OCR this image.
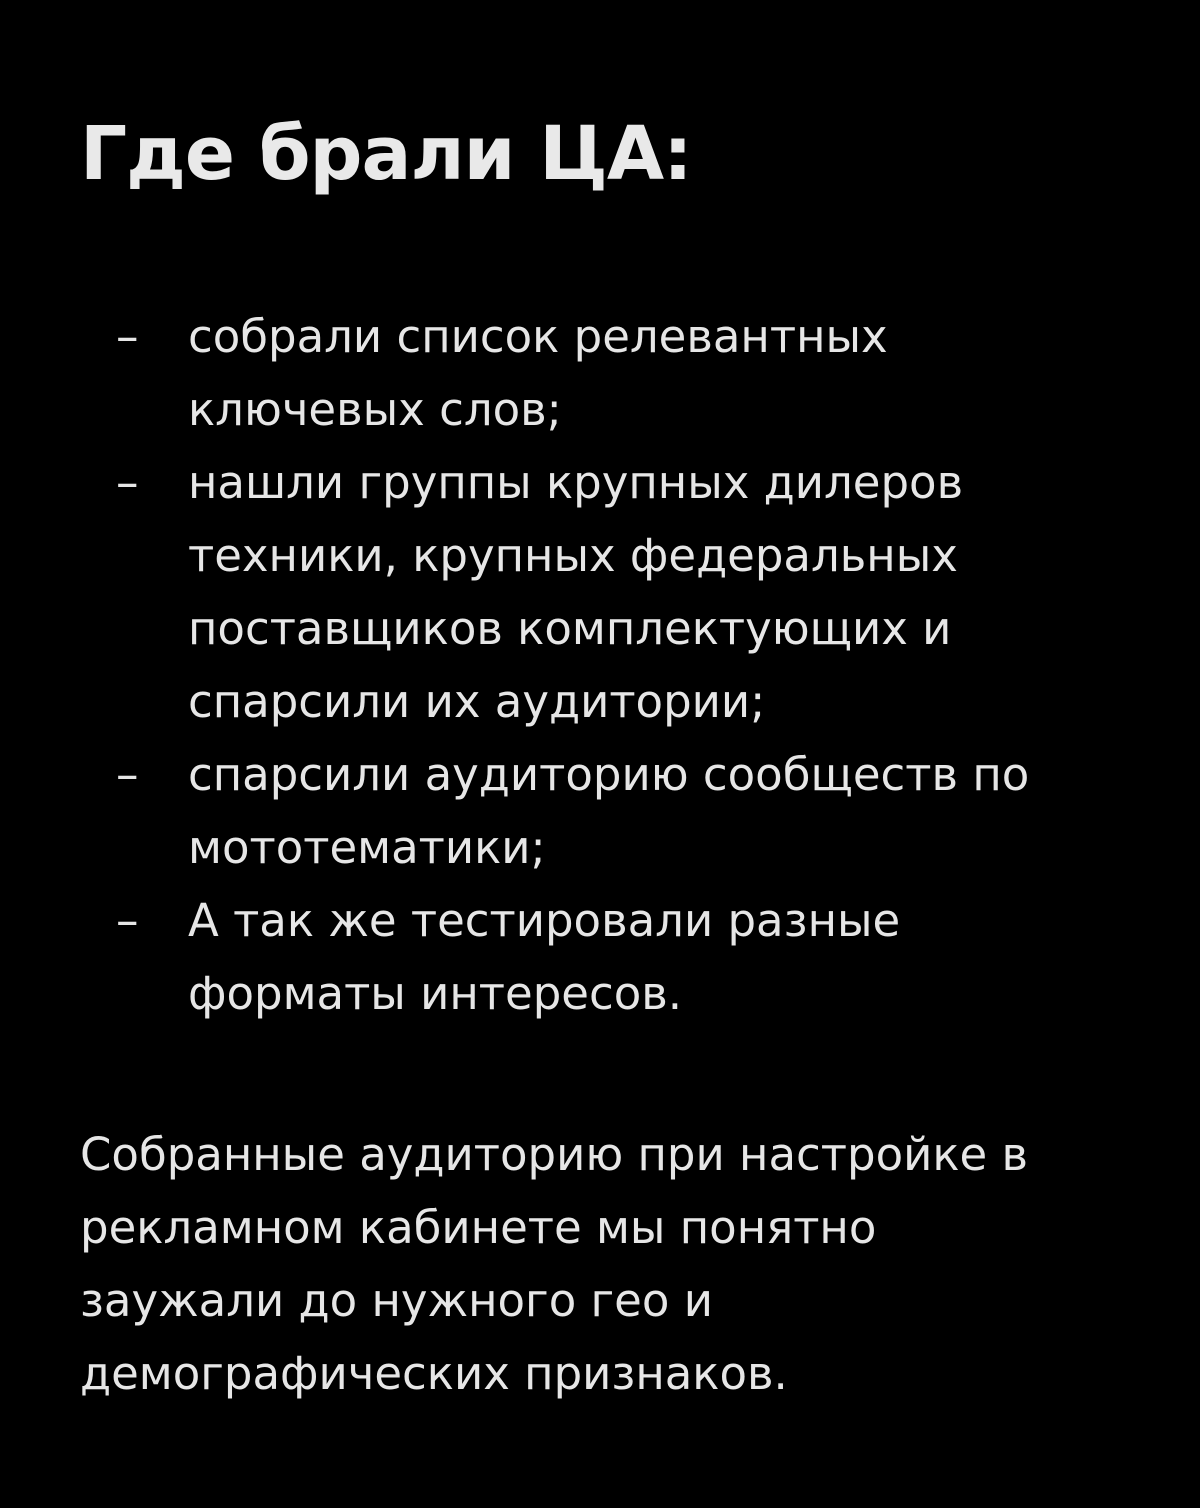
Где брали ЦА:
–	собрали список релевантных
ключевых слов;
–	нашли группы крупных дилеров
техники, крупных федеральных
поставщиков комплектующих и
спарсили их аудитории;
–	спарсили аудиторию сообществ по
мототематики;
–	А так же тестировали разные
форматы интересов.
Собранные аудиторию при настройке в
рекламном кабинете мы понятно
заужали до нужного гео и
демографических признаков.
